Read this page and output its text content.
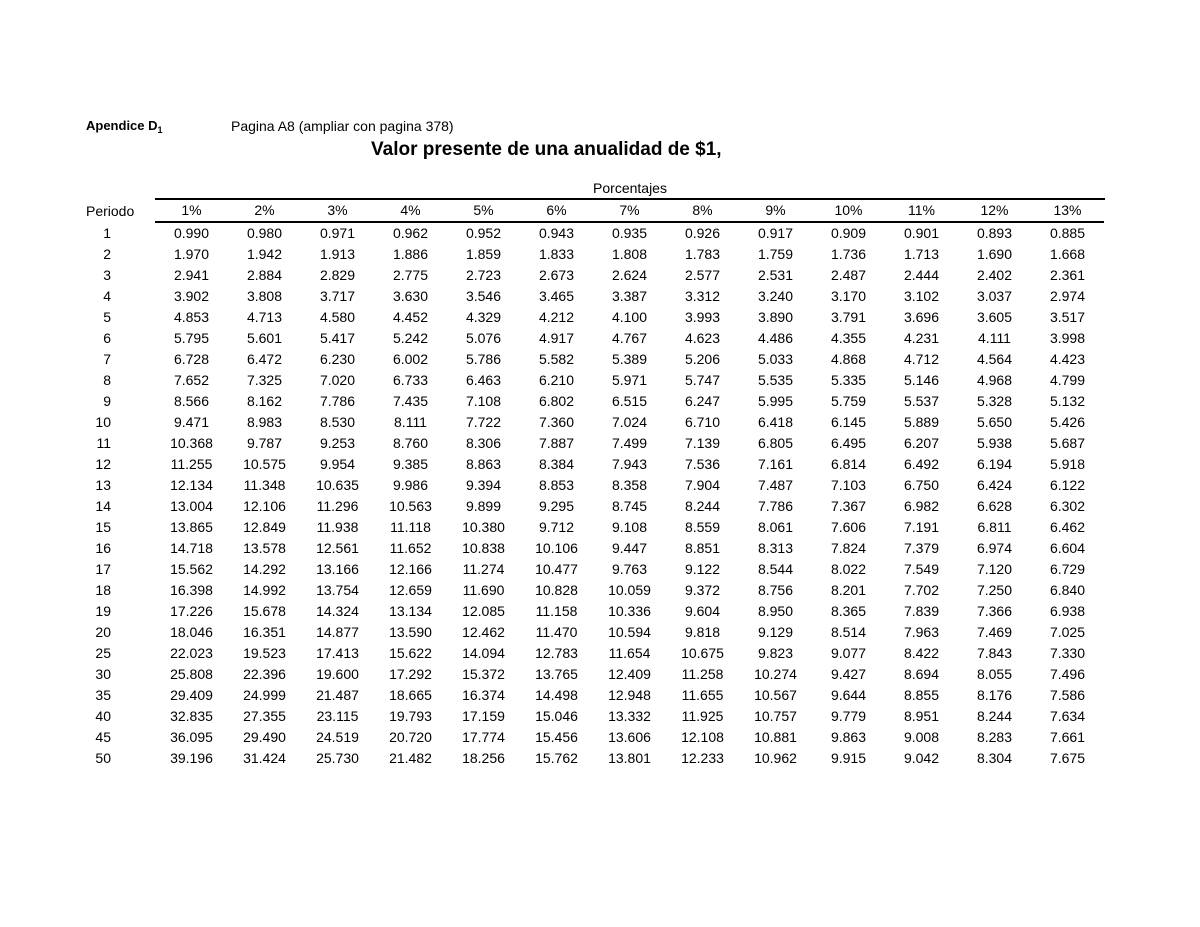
Apendice $D_1$	Pagina A8 (ampliar con pagina 378)
Valor presente de una anualidad de $1,
Porcentajes
Periodo	1%	2%	3%	4%	5%	6%	7%	8%	9%	10%	11%	12%	13%
1	0.990	0.980	0.971	0.962	0.952	0.943	0.935	0.926	0.917	0.909	0.901	0.893	0.885
2	1.970	1.942	1.913	1.886	1.859	1.833	1.808	1.783	1.759	1.736	1.713	1.690	1.668
3	2.941	2.884	2.829	2.775	2.723	2.673	2.624	2.577	2.531	2.487	2.444	2.402	2.361
4	3.902	3.808	3.717	3.630	3.546	3.465	3.387	3.312	3.240	3.170	3.102	3.037	2.974
5	4.853	4.713	4.580	4.452	4.329	4.212	4.100	3.993	3.890	3.791	3.696	3.605	3.517
6	5.795	5.601	5.417	5.242	5.076	4.917	4.767	4.623	4.486	4.355	4.231	4.111	3.998
7	6.728	6.472	6.230	6.002	5.786	5.582	5.389	5.206	5.033	4.868	4.712	4.564	4.423
8	7.652	7.325	7.020	6.733	6.463	6.210	5.971	5.747	5.535	5.335	5.146	4.968	4.799
9	8.566	8.162	7.786	7.435	7.108	6.802	6.515	6.247	5.995	5.759	5.537	5.328	5.132
10	9.471	8.983	8.530	8.111	7.722	7.360	7.024	6.710	6.418	6.145	5.889	5.650	5.426
11	10.368	9.787	9.253	8.760	8.306	7.887	7.499	7.139	6.805	6.495	6.207	5.938	5.687
12	11.255	10.575	9.954	9.385	8.863	8.384	7.943	7.536	7.161	6.814	6.492	6.194	5.918
13	12.134	11.348	10.635	9.986	9.394	8.853	8.358	7.904	7.487	7.103	6.750	6.424	6.122
14	13.004	12.106	11.296	10.563	9.899	9.295	8.745	8.244	7.786	7.367	6.982	6.628	6.302
15	13.865	12.849	11.938	11.118	10.380	9.712	9.108	8.559	8.061	7.606	7.191	6.811	6.462
16	14.718	13.578	12.561	11.652	10.838	10.106	9.447	8.851	8.313	7.824	7.379	6.974	6.604
17	15.562	14.292	13.166	12.166	11.274	10.477	9.763	9.122	8.544	8.022	7.549	7.120	6.729
18	16.398	14.992	13.754	12.659	11.690	10.828	10.059	9.372	8.756	8.201	7.702	7.250	6.840
19	17.226	15.678	14.324	13.134	12.085	11.158	10.336	9.604	8.950	8.365	7.839	7.366	6.938
20	18.046	16.351	14.877	13.590	12.462	11.470	10.594	9.818	9.129	8.514	7.963	7.469	7.025
25	22.023	19.523	17.413	15.622	14.094	12.783	11.654	10.675	9.823	9.077	8.422	7.843	7.330
30	25.808	22.396	19.600	17.292	15.372	13.765	12.409	11.258	10.274	9.427	8.694	8.055	7.496
35	29.409	24.999	21.487	18.665	16.374	14.498	12.948	11.655	10.567	9.644	8.855	8.176	7.586
40	32.835	27.355	23.115	19.793	17.159	15.046	13.332	11.925	10.757	9.779	8.951	8.244	7.634
45	36.095	29.490	24.519	20.720	17.774	15.456	13.606	12.108	10.881	9.863	9.008	8.283	7.661
50	39.196	31.424	25.730	21.482	18.256	15.762	13.801	12.233	10.962	9.915	9.042	8.304	7.675
